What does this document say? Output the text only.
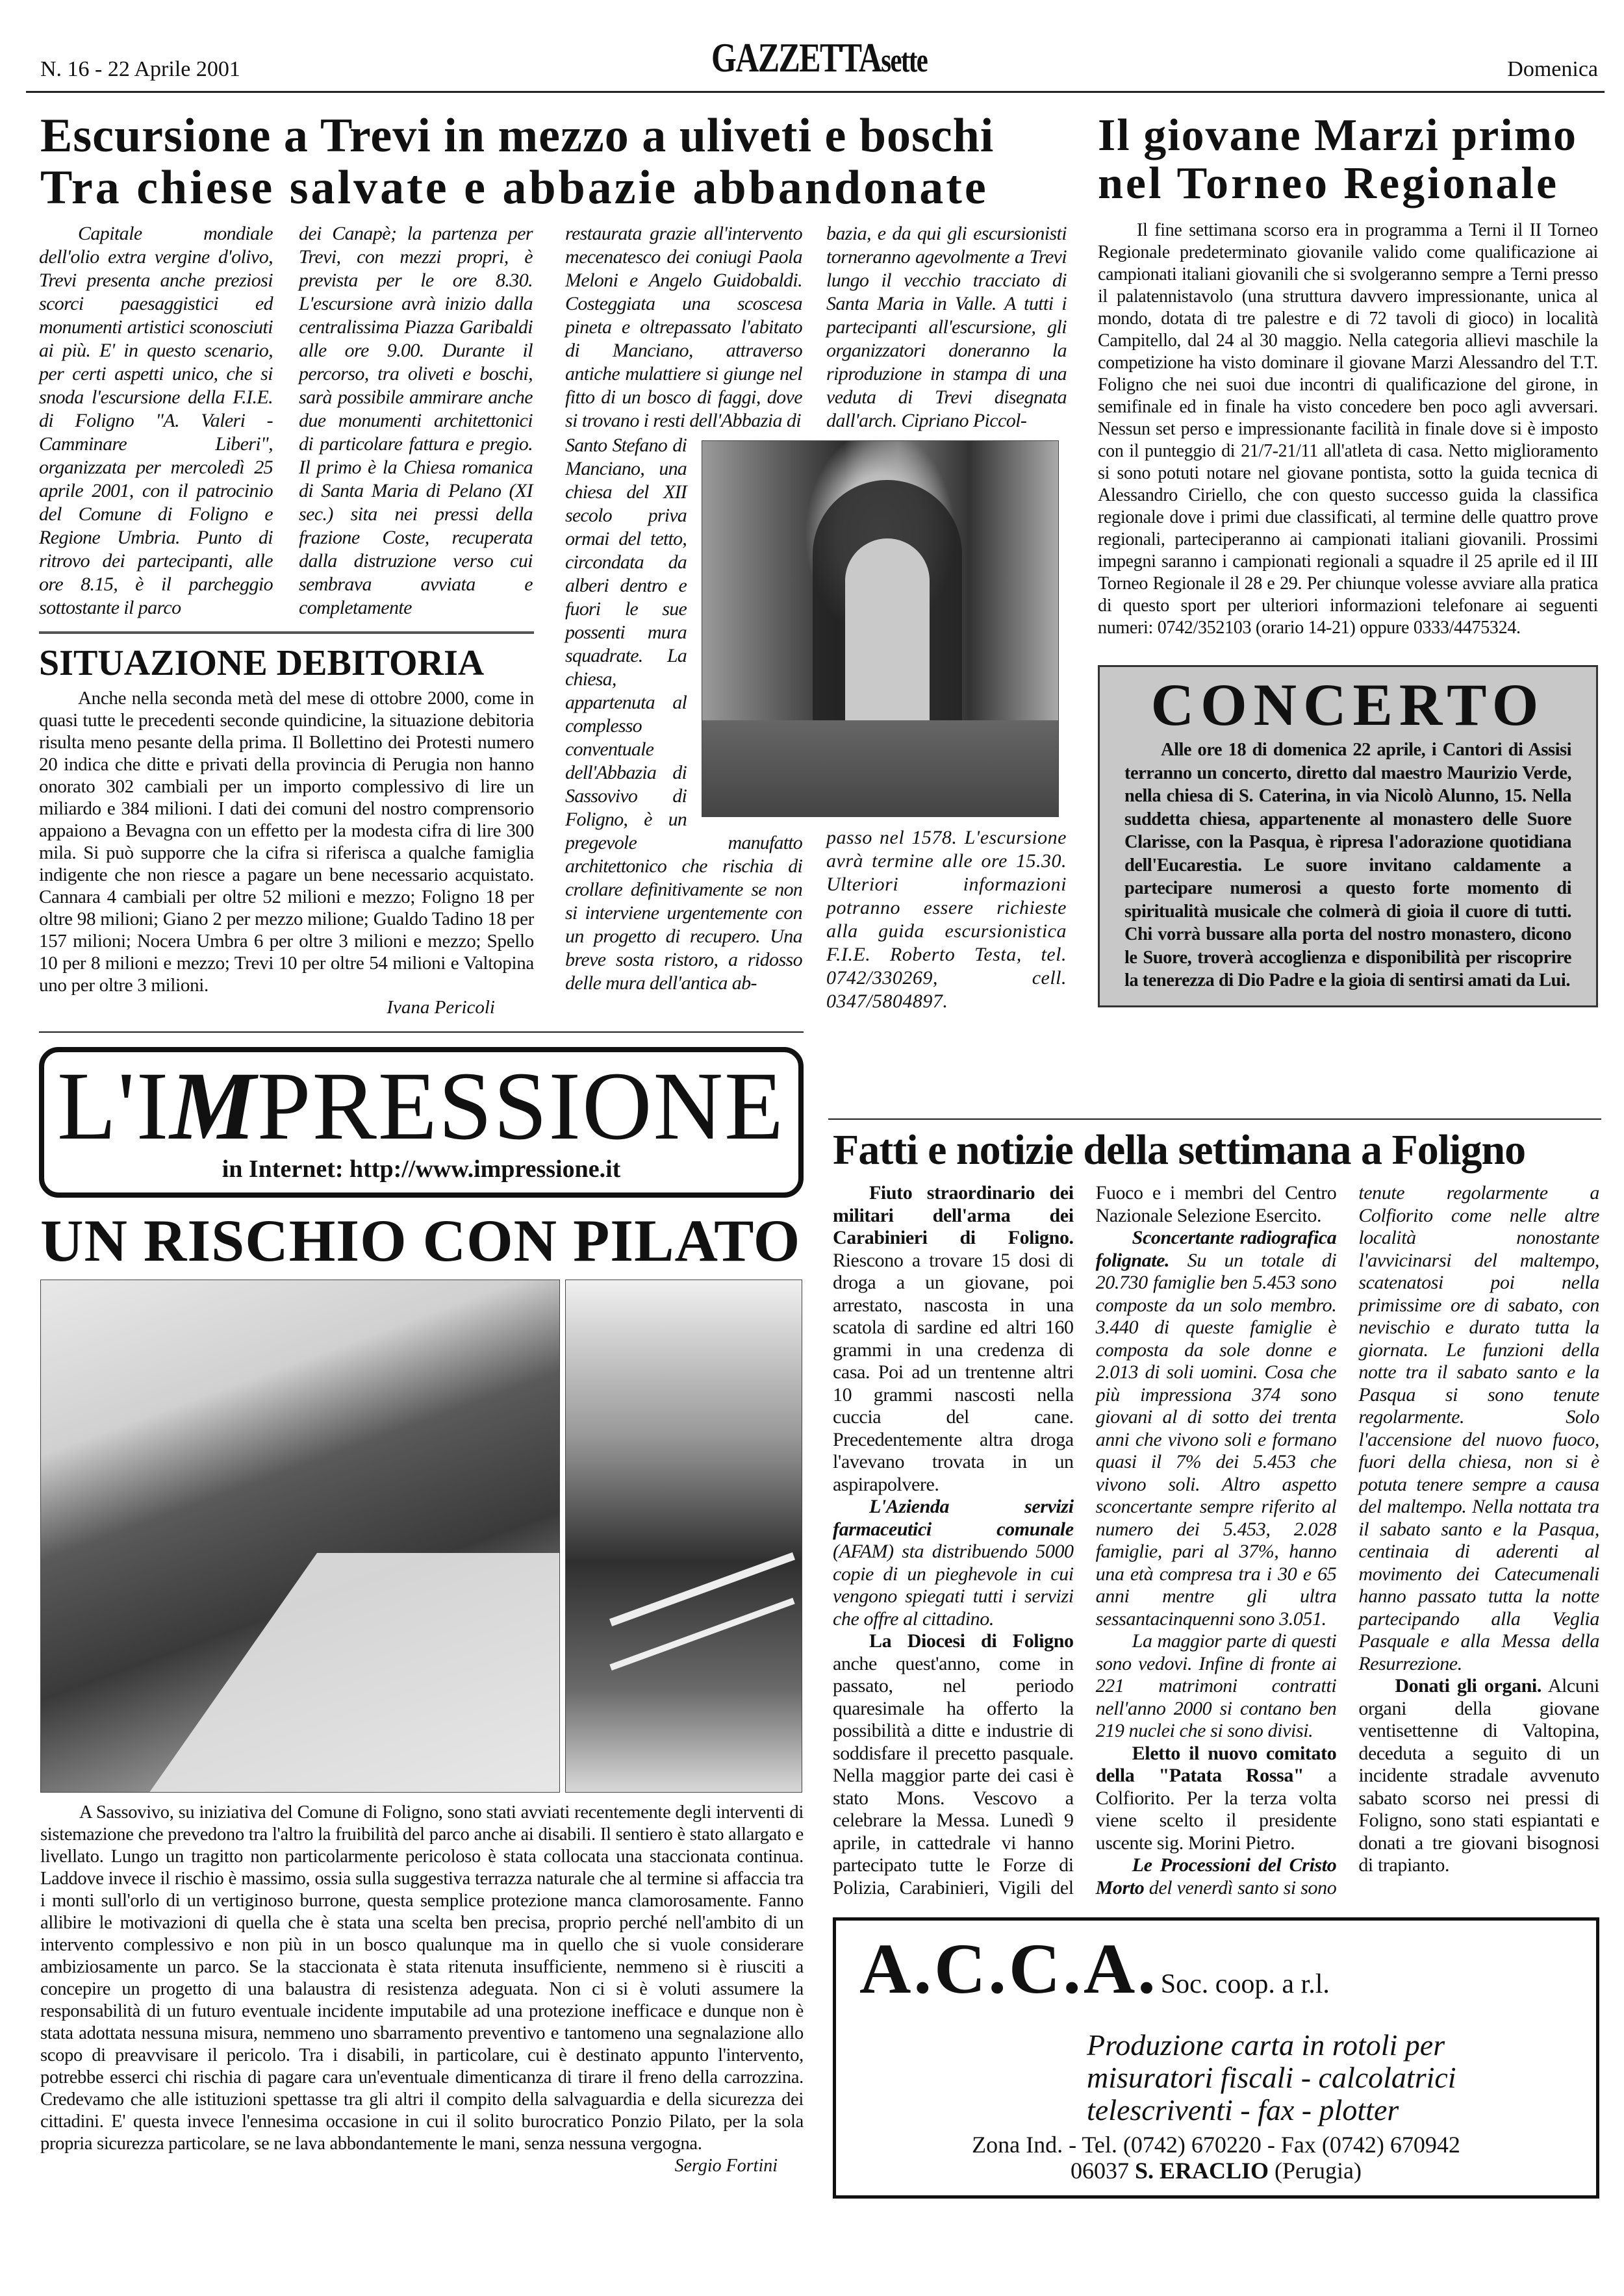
N. 16 - 22 Aprile 2001	GAZZETTAsette	Domenica
Escursione a Trevi in mezzo a uliveti e boschi
Tra chiese salvate e abbazie abbandonate
Capitale mondiale dell'olio extra vergine d'olivo, Trevi presenta anche preziosi scorci paesaggistici ed monumenti artistici sconosciuti ai più. E' in questo scenario, per certi aspetti unico, che si snoda l'escursione della F.I.E. di Foligno "A. Valeri - Camminare Liberi", organizzata per mercoledì 25 aprile 2001, con il patrocinio del Comune di Foligno e Regione Umbria. Punto di ritrovo dei partecipanti, alle ore 8.15, è il parcheggio sottostante il parco
dei Canapè; la partenza per Trevi, con mezzi propri, è prevista per le ore 8.30. L'escursione avrà inizio dalla centralissima Piazza Garibaldi alle ore 9.00. Durante il percorso, tra oliveti e boschi, sarà possibile ammirare anche due monumenti architettonici di particolare fattura e pregio. Il primo è la Chiesa romanica di Santa Maria di Pelano (XI sec.) sita nei pressi della frazione Coste, recuperata dalla distruzione verso cui sembrava avviata e completamente
restaurata grazie all'intervento mecenatesco dei coniugi Paola Meloni e Angelo Guidobaldi. Costeggiata una scoscesa pineta e oltrepassato l'abitato di Manciano, attraverso antiche mulattiere si giunge nel fitto di un bosco di faggi, dove si trovano i resti dell'Abbazia di
Santo Stefano di Manciano, una chiesa del XII secolo priva ormai del tetto, circondata da alberi dentro e fuori le sue possenti mura squadrate. La chiesa, appartenuta al complesso conventuale dell'Abbazia di Sassovivo di Foligno, è un pregevole manufatto architettonico che rischia di crollare definitivamente se non si interviene urgentemente con un progetto di recupero. Una breve sosta ristoro, a ridosso delle mura dell'antica ab-
bazia, e da qui gli escursionisti torneranno agevolmente a Trevi lungo il vecchio tracciato di Santa Maria in Valle. A tutti i partecipanti all'escursione, gli organizzatori doneranno la riproduzione in stampa di una veduta di Trevi disegnata dall'arch. Cipriano Piccol-
passo nel 1578. L'escursione avrà termine alle ore 15.30. Ulteriori informazioni potranno essere richieste alla guida escursionistica F.I.E. Roberto Testa, tel. 0742/330269, cell. 0347/5804897.
SITUAZIONE DEBITORIA
Anche nella seconda metà del mese di ottobre 2000, come in quasi tutte le precedenti seconde quindicine, la situazione debitoria risulta meno pesante della prima. Il Bollettino dei Protesti numero 20 indica che ditte e privati della provincia di Perugia non hanno onorato 302 cambiali per un importo complessivo di lire un miliardo e 384 milioni. I dati dei comuni del nostro comprensorio appaiono a Bevagna con un effetto per la modesta cifra di lire 300 mila. Si può supporre che la cifra si riferisca a qualche famiglia indigente che non riesce a pagare un bene necessario acquistato. Cannara 4 cambiali per oltre 52 milioni e mezzo; Foligno 18 per oltre 98 milioni; Giano 2 per mezzo milione; Gualdo Tadino 18 per 157 milioni; Nocera Umbra 6 per oltre 3 milioni e mezzo; Spello 10 per 8 milioni e mezzo; Trevi 10 per oltre 54 milioni e Valtopina uno per oltre 3 milioni.
Ivana Pericoli
Il giovane Marzi primo
nel Torneo Regionale
Il fine settimana scorso era in programma a Terni il II Torneo Regionale predeterminato giovanile valido come qualificazione ai campionati italiani giovanili che si svolgeranno sempre a Terni presso il palatennistavolo (una struttura davvero impressionante, unica al mondo, dotata di tre palestre e di 72 tavoli di gioco) in località Campitello, dal 24 al 30 maggio. Nella categoria allievi maschile la competizione ha visto dominare il giovane Marzi Alessandro del T.T. Foligno che nei suoi due incontri di qualificazione del girone, in semifinale ed in finale ha visto concedere ben poco agli avversari. Nessun set perso e impressionante facilità in finale dove si è imposto con il punteggio di 21/7-21/11 all'atleta di casa. Netto miglioramento si sono potuti notare nel giovane pontista, sotto la guida tecnica di Alessandro Ciriello, che con questo successo guida la classifica regionale dove i primi due classificati, al termine delle quattro prove regionali, parteciperanno ai campionati italiani giovanili. Prossimi impegni saranno i campionati regionali a squadre il 25 aprile ed il III Torneo Regionale il 28 e 29. Per chiunque volesse avviare alla pratica di questo sport per ulteriori informazioni telefonare ai seguenti numeri: 0742/352103 (orario 14-21) oppure 0333/4475324.
CONCERTO
Alle ore 18 di domenica 22 aprile, i Cantori di Assisi terranno un concerto, diretto dal maestro Maurizio Verde, nella chiesa di S. Caterina, in via Nicolò Alunno, 15. Nella suddetta chiesa, appartenente al monastero delle Suore Clarisse, con la Pasqua, è ripresa l'adorazione quotidiana dell'Eucarestia. Le suore invitano caldamente a partecipare numerosi a questo forte momento di spiritualità musicale che colmerà di gioia il cuore di tutti. Chi vorrà bussare alla porta del nostro monastero, dicono le Suore, troverà accoglienza e disponibilità per riscoprire la tenerezza di Dio Padre e la gioia di sentirsi amati da Lui.
L'IMPRESSIONE
in Internet: http://www.impressione.it
UN RISCHIO CON PILATO
A Sassovivo, su iniziativa del Comune di Foligno, sono stati avviati recentemente degli interventi di sistemazione che prevedono tra l'altro la fruibilità del parco anche ai disabili. Il sentiero è stato allargato e livellato. Lungo un tragitto non particolarmente pericoloso è stata collocata una staccionata continua. Laddove invece il rischio è massimo, ossia sulla suggestiva terrazza naturale che al termine si affaccia tra i monti sull'orlo di un vertiginoso burrone, questa semplice protezione manca clamorosamente. Fanno allibire le motivazioni di quella che è stata una scelta ben precisa, proprio perché nell'ambito di un intervento complessivo e non più in un bosco qualunque ma in quello che si vuole considerare ambiziosamente un parco. Se la staccionata è stata ritenuta insufficiente, nemmeno si è riusciti a concepire un progetto di una balaustra di resistenza adeguata. Non ci si è voluti assumere la responsabilità di un futuro eventuale incidente imputabile ad una protezione inefficace e dunque non è stata adottata nessuna misura, nemmeno uno sbarramento preventivo e tantomeno una segnalazione allo scopo di preavvisare il pericolo. Tra i disabili, in particolare, cui è destinato appunto l'intervento, potrebbe esserci chi rischia di pagare cara un'eventuale dimenticanza di tirare il freno della carrozzina. Credevamo che alle istituzioni spettasse tra gli altri il compito della salvaguardia e della sicurezza dei cittadini. E' questa invece l'ennesima occasione in cui il solito burocratico Ponzio Pilato, per la sola propria sicurezza particolare, se ne lava abbondantemente le mani, senza nessuna vergogna.
Sergio Fortini
Fatti e notizie della settimana a Foligno

Fiuto straordinario dei militari dell'arma dei Carabinieri di Foligno. Riescono a trovare 15 dosi di droga a un giovane, poi arrestato, nascosta in una scatola di sardine ed altri 160 grammi in una credenza di casa. Poi ad un trentenne altri 10 grammi nascosti nella cuccia del cane. Precedentemente altra droga l'avevano trovata in un aspirapolvere.

L'Azienda servizi farmaceutici comunale (AFAM) sta distribuendo 5000 copie di un pieghevole in cui vengono spiegati tutti i servizi che offre al cittadino.

La Diocesi di Foligno anche quest'anno, come in passato, nel periodo quaresimale ha offerto la possibilità a ditte e industrie di soddisfare il precetto pasquale. Nella maggior parte dei casi è stato Mons. Vescovo a celebrare la Messa. Lunedì 9 aprile, in cattedrale vi hanno partecipato tutte le Forze di Polizia, Carabinieri, Vigili del Fuoco e i membri del Centro Nazionale Selezione Esercito.

Sconcertante radiografica folignate. Su un totale di 20.730 famiglie ben 5.453 sono composte da un solo membro. 3.440 di queste famiglie è composta da sole donne e 2.013 di soli uomini. Cosa che più impressiona 374 sono giovani al di sotto dei trenta anni che vivono soli e formano quasi il 7% dei 5.453 che vivono soli. Altro aspetto sconcertante sempre riferito al numero dei 5.453, 2.028 famiglie, pari al 37%, hanno una età compresa tra i 30 e 65 anni mentre gli ultra sessantacinquenni sono 3.051.

La maggior parte di questi sono vedovi. Infine di fronte ai 221 matrimoni contratti nell'anno 2000 si contano ben 219 nuclei che si sono divisi.

Eletto il nuovo comitato della "Patata Rossa" a Colfiorito. Per la terza volta viene scelto il presidente uscente sig. Morini Pietro.

Le Processioni del Cristo Morto del venerdì santo si sono tenute regolarmente a Colfiorito come nelle altre località nonostante l'avvicinarsi del maltempo, scatenatosi poi nella primissime ore di sabato, con nevischio e durato tutta la giornata. Le funzioni della notte tra il sabato santo e la Pasqua si sono tenute regolarmente. Solo l'accensione del nuovo fuoco, fuori della chiesa, non si è potuta tenere sempre a causa del maltempo. Nella nottata tra il sabato santo e la Pasqua, centinaia di aderenti al movimento dei Catecumenali hanno passato tutta la notte partecipando alla Veglia Pasquale e alla Messa della Resurrezione.

Donati gli organi. Alcuni organi della giovane ventisettenne di Valtopina, deceduta a seguito di un incidente stradale avvenuto sabato scorso nei pressi di Foligno, sono stati espiantati e donati a tre giovani bisognosi di trapianto.

A.C.C.A. Soc. coop. a r.l.
Produzione carta in rotoli per
misuratori fiscali - calcolatrici
telescriventi - fax - plotter
Zona Ind. - Tel. (0742) 670220 - Fax (0742) 670942
06037 S. ERACLIO (Perugia)
